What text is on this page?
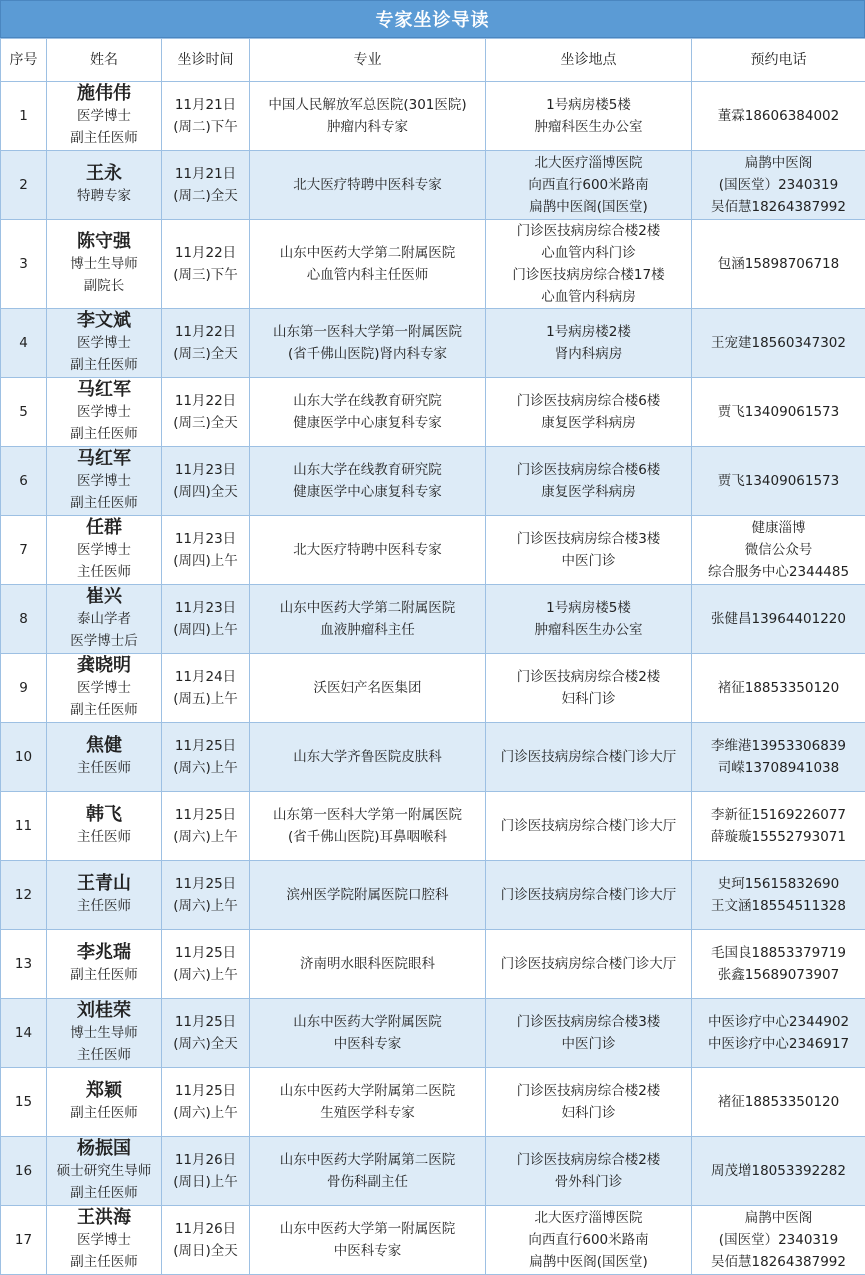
专家坐诊导读
序号	姓名	坐诊时间	专业	坐诊地点	预约电话
1	施伟伟
医学博士
副主任医师	11月21日
(周二)下午	中国人民解放军总医院(301医院)
肿瘤内科专家	1号病房楼5楼
肿瘤科医生办公室	董霖18606384002

2	王永
特聘专家	11月21日
(周二)全天	北大医疗特聘中医科专家	北大医疗淄博医院
向西直行600米路南
扁鹊中医阁(国医堂)	扁鹊中医阁
(国医堂）2340319
吴佰慧18264387992

3	陈守强
博士生导师
副院长	11月22日
(周三)下午	山东中医药大学第二附属医院
心血管内科主任医师	门诊医技病房综合楼2楼
心血管内科门诊
门诊医技病房综合楼17楼
心血管内科病房	包涵15898706718

4	李文斌
医学博士
副主任医师	11月22日
(周三)全天	山东第一医科大学第一附属医院
(省千佛山医院)肾内科专家	1号病房楼2楼
肾内科病房	王宠建18560347302

5	马红军
医学博士
副主任医师	11月22日
(周三)全天	山东大学在线教育研究院
健康医学中心康复科专家	门诊医技病房综合楼6楼
康复医学科病房	贾飞13409061573

6	马红军
医学博士
副主任医师	11月23日
(周四)全天	山东大学在线教育研究院
健康医学中心康复科专家	门诊医技病房综合楼6楼
康复医学科病房	贾飞13409061573

7	任群
医学博士
主任医师	11月23日
(周四)上午	北大医疗特聘中医科专家	门诊医技病房综合楼3楼
中医门诊	健康淄博
微信公众号
综合服务中心2344485

8	崔兴
泰山学者
医学博士后	11月23日
(周四)上午	山东中医药大学第二附属医院
血液肿瘤科主任	1号病房楼5楼
肿瘤科医生办公室	张健昌13964401220

9	龚晓明
医学博士
副主任医师	11月24日
(周五)上午	沃医妇产名医集团	门诊医技病房综合楼2楼
妇科门诊	褚征18853350120

10	焦健
主任医师	11月25日
(周六)上午	山东大学齐鲁医院皮肤科	门诊医技病房综合楼门诊大厅	李维港13953306839
司嵘13708941038

11	韩飞
主任医师	11月25日
(周六)上午	山东第一医科大学第一附属医院
(省千佛山医院)耳鼻咽喉科	门诊医技病房综合楼门诊大厅	李新征15169226077
薛璇璇15552793071

12	王青山
主任医师	11月25日
(周六)上午	滨州医学院附属医院口腔科	门诊医技病房综合楼门诊大厅	史珂15615832690
王文涵18554511328

13	李兆瑞
副主任医师	11月25日
(周六)上午	济南明水眼科医院眼科	门诊医技病房综合楼门诊大厅	毛国良18853379719
张鑫15689073907

14	刘桂荣
博士生导师
主任医师	11月25日
(周六)全天	山东中医药大学附属医院
中医科专家	门诊医技病房综合楼3楼
中医门诊	中医诊疗中心2344902
中医诊疗中心2346917

15	郑颖
副主任医师	11月25日
(周六)上午	山东中医药大学附属第二医院
生殖医学科专家	门诊医技病房综合楼2楼
妇科门诊	褚征18853350120

16	杨振国
硕士研究生导师
副主任医师	11月26日
(周日)上午	山东中医药大学附属第二医院
骨伤科副主任	门诊医技病房综合楼2楼
骨外科门诊	周茂增18053392282

17	王洪海
医学博士
副主任医师	11月26日
(周日)全天	山东中医药大学第一附属医院
中医科专家	北大医疗淄博医院
向西直行600米路南
扁鹊中医阁(国医堂)	扁鹊中医阁
(国医堂）2340319
吴佰慧18264387992
